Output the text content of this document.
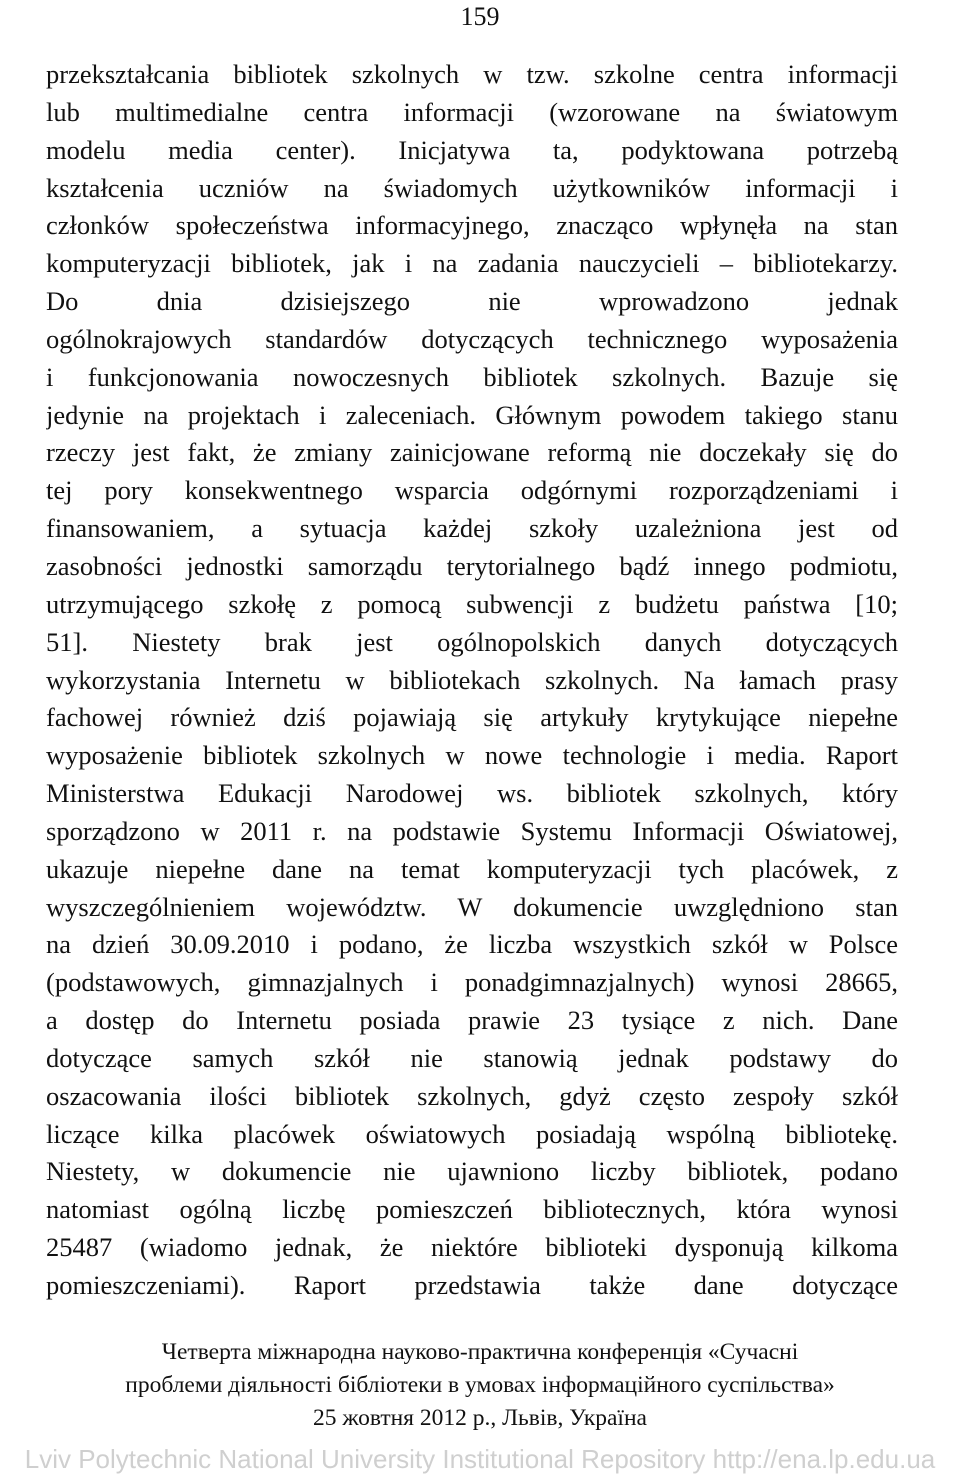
159
przekształcania bibliotek szkolnych w tzw. szkolne centra informacji
lub multimedialne centra informacji (wzorowane na światowym
modelu media center). Inicjatywa ta, podyktowana potrzebą
kształcenia uczniów na świadomych użytkowników informacji i
członków społeczeństwa informacyjnego, znacząco wpłynęła na stan
komputeryzacji bibliotek, jak i na zadania nauczycieli – bibliotekarzy.
Do dnia dzisiejszego nie wprowadzono jednak
ogólnokrajowych standardów dotyczących technicznego wyposażenia
i funkcjonowania nowoczesnych bibliotek szkolnych. Bazuje się
jedynie na projektach i zaleceniach. Głównym powodem takiego stanu
rzeczy jest fakt, że zmiany zainicjowane reformą nie doczekały się do
tej pory konsekwentnego wsparcia odgórnymi rozporządzeniami i
finansowaniem, a sytuacja każdej szkoły uzależniona jest od
zasobności jednostki samorządu terytorialnego bądź innego podmiotu,
utrzymującego szkołę z pomocą subwencji z budżetu państwa [10;
51]. Niestety brak jest ogólnopolskich danych dotyczących
wykorzystania Internetu w bibliotekach szkolnych. Na łamach prasy
fachowej również dziś pojawiają się artykuły krytykujące niepełne
wyposażenie bibliotek szkolnych w nowe technologie i media. Raport
Ministerstwa Edukacji Narodowej ws. bibliotek szkolnych, który
sporządzono w 2011 r. na podstawie Systemu Informacji Oświatowej,
ukazuje niepełne dane na temat komputeryzacji tych placówek, z
wyszczególnieniem województw. W dokumencie uwzględniono stan
na dzień 30.09.2010 i podano, że liczba wszystkich szkół w Polsce
(podstawowych, gimnazjalnych i ponadgimnazjalnych) wynosi 28665,
a dostęp do Internetu posiada prawie 23 tysiące z nich. Dane
dotyczące samych szkół nie stanowią jednak podstawy do
oszacowania ilości bibliotek szkolnych, gdyż często zespoły szkół
liczące kilka placówek oświatowych posiadają wspólną bibliotekę.
Niestety, w dokumencie nie ujawniono liczby bibliotek, podano
natomiast ogólną liczbę pomieszczeń bibliotecznych, która wynosi
25487 (wiadomo jednak, że niektóre biblioteki dysponują kilkoma
pomieszczeniami). Raport przedstawia także dane dotyczące
Четверта міжнародна науково-практична конференція «Сучасні
проблеми діяльності бібліотеки в умовах інформаційного суспільства»
25 жовтня 2012 р., Львів, Україна
Lviv Polytechnic National University Institutional Repository http://ena.lp.edu.ua
